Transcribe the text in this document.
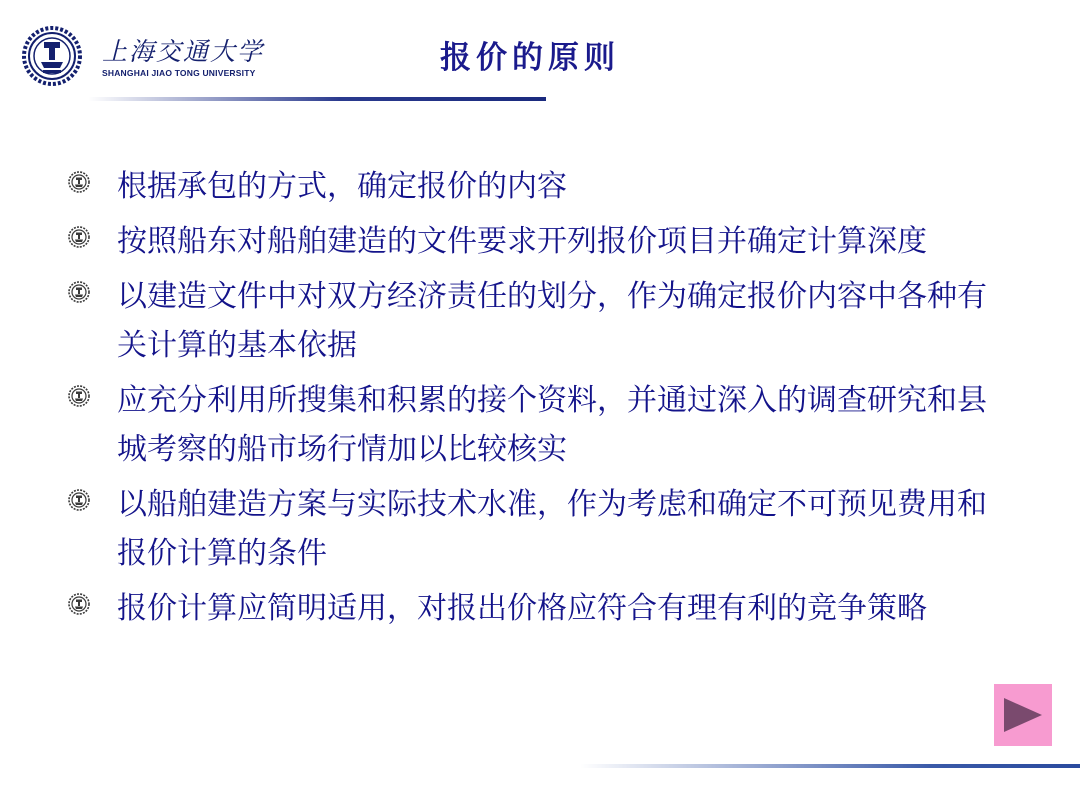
上海交通大学
SHANGHAI JIAO TONG UNIVERSITY	报价的原则
根据承包的方式，确定报价的内容
按照船东对船舶建造的文件要求开列报价项目并确定计算深度
以建造文件中对双方经济责任的划分，作为确定报价内容中各种有关计算的基本依据
应充分利用所搜集和积累的接个资料，并通过深入的调查研究和县城考察的船市场行情加以比较核实
以船舶建造方案与实际技术水准，作为考虑和确定不可预见费用和报价计算的条件
报价计算应简明适用，对报出价格应符合有理有利的竞争策略
